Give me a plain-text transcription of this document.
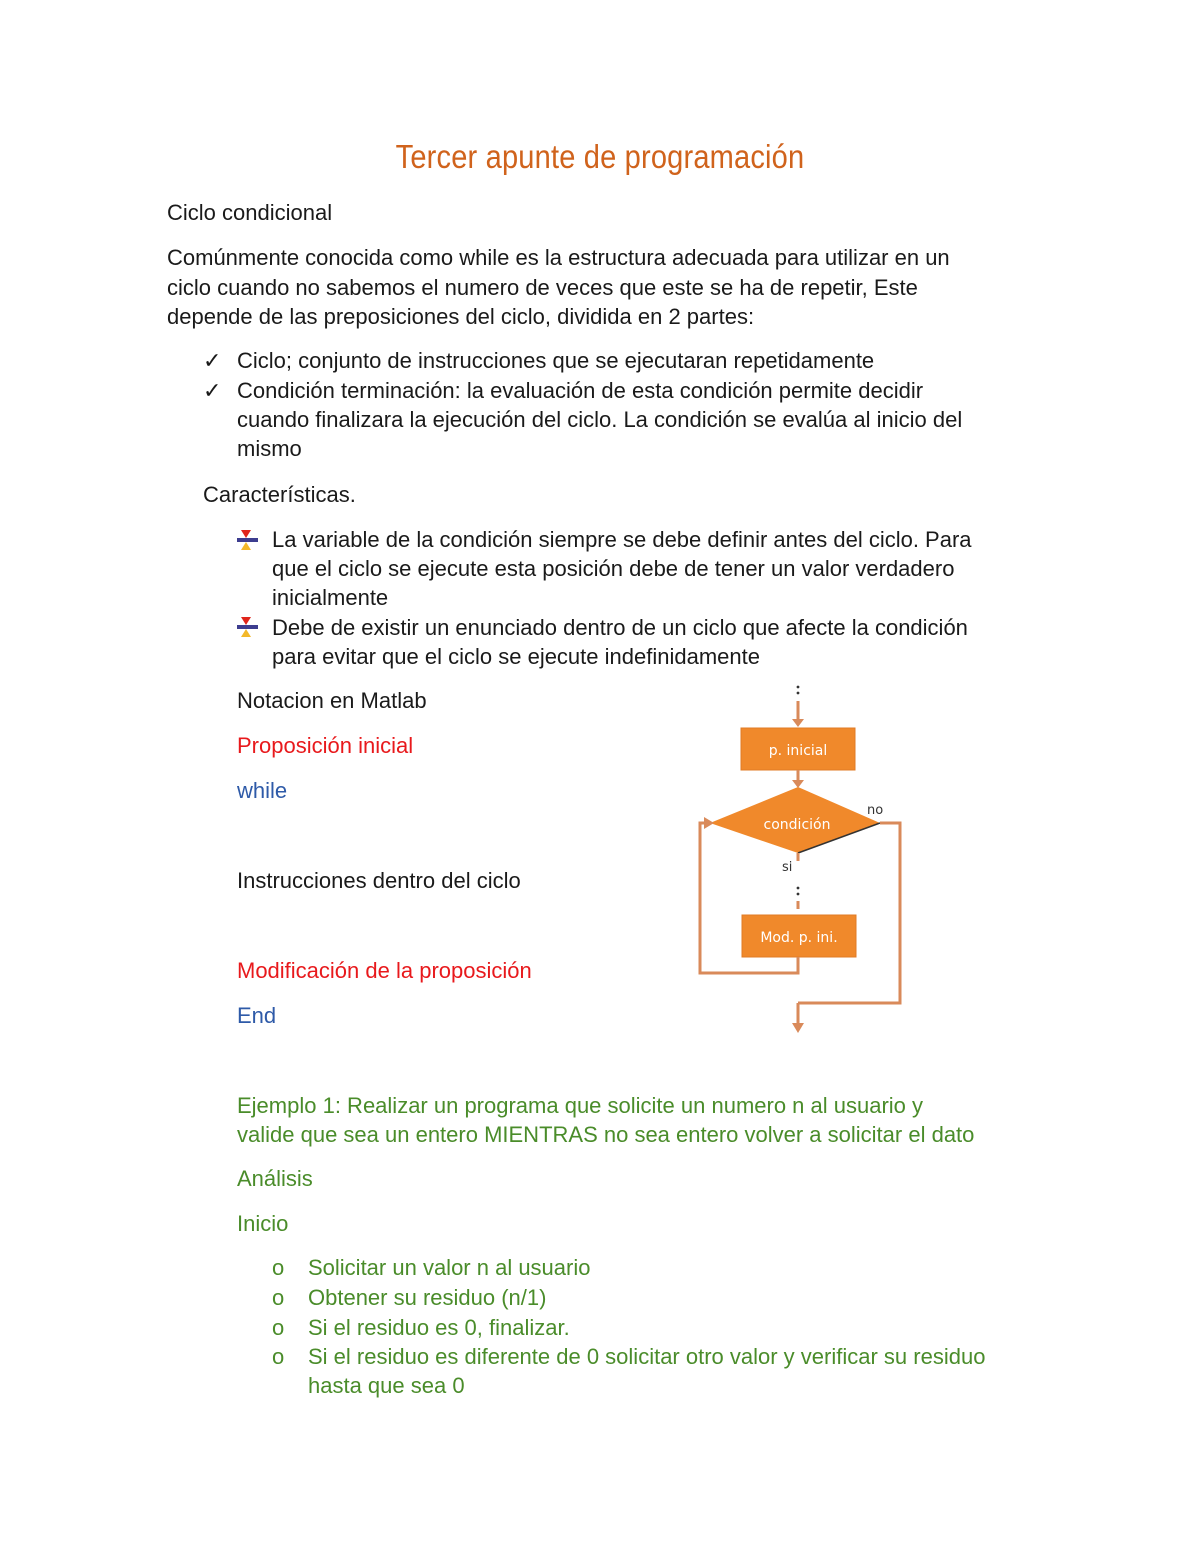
Tercer apunte de programación
Ciclo condicional
Comúnmente conocida como while es la estructura adecuada para utilizar en un
ciclo cuando no sabemos el numero de veces que este se ha de repetir, Este
depende de las preposiciones del ciclo, dividida en 2 partes:
✓ Ciclo; conjunto de instrucciones que se ejecutaran repetidamente
✓ Condición terminación: la evaluación de esta condición permite decidir
cuando finalizara la ejecución del ciclo. La condición se evalúa al inicio del
mismo
Características.
La variable de la condición siempre se debe definir antes del ciclo. Para
que el ciclo se ejecute esta posición debe de tener un valor verdadero
inicialmente
Debe de existir un enunciado dentro de un ciclo que afecte la condición
para evitar que el ciclo se ejecute indefinidamente
Notacion en Matlab
Proposición inicial
while
Instrucciones dentro del ciclo
Modificación de la proposición
End
p. inicial
condición
no
si
Mod. p. ini.
Ejemplo 1: Realizar un programa que solicite un numero n al usuario y
valide que sea un entero MIENTRAS no sea entero volver a solicitar el dato
Análisis
Inicio
o Solicitar un valor n al usuario
o Obtener su residuo (n/1)
o Si el residuo es 0, finalizar.
o Si el residuo es diferente de 0 solicitar otro valor y verificar su residuo
hasta que sea 0
